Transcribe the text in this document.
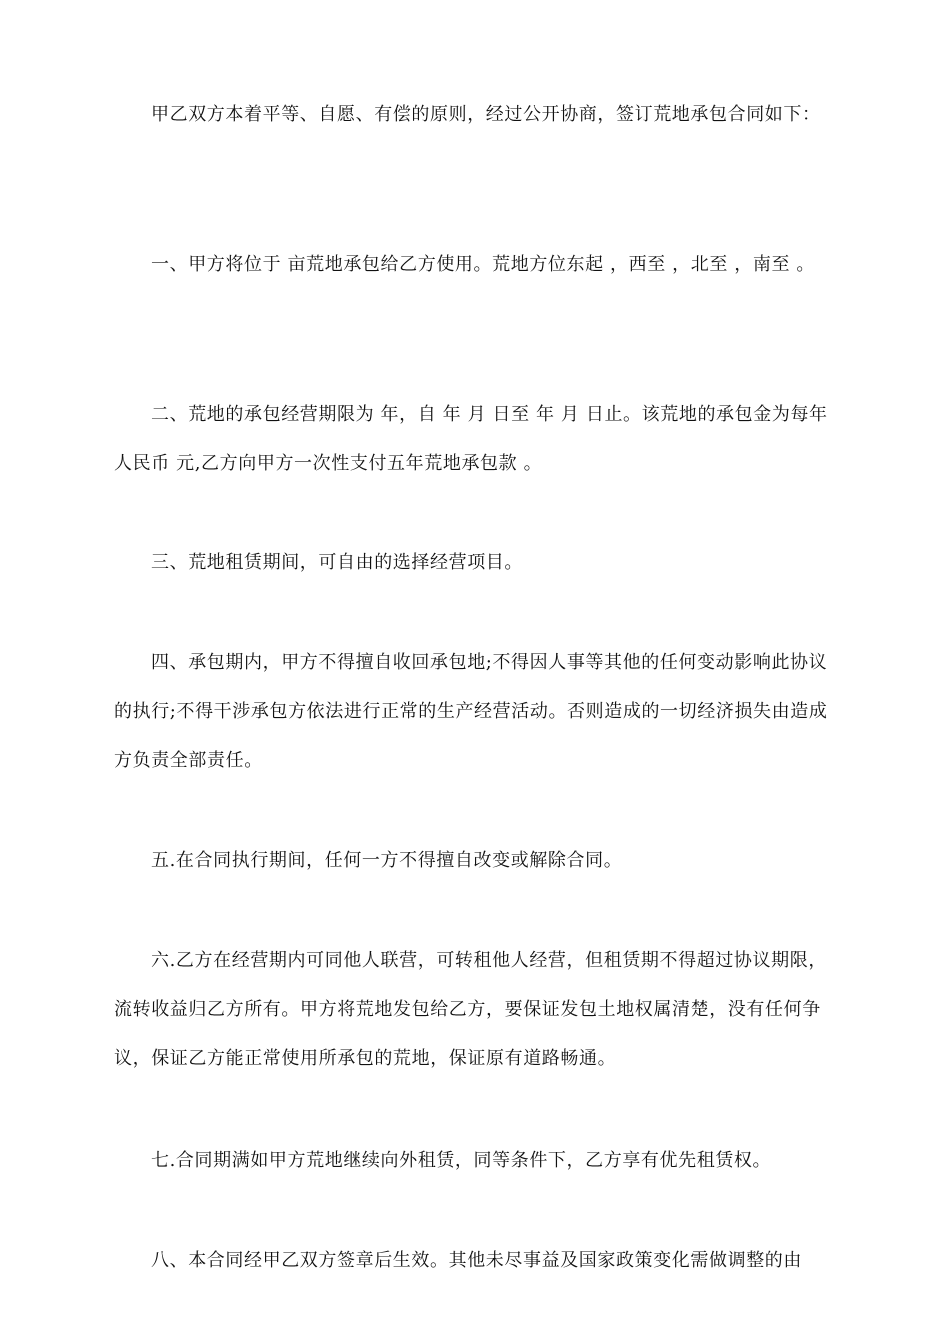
甲乙双方本着平等、自愿、有偿的原则，经过公开协商，签订荒地承包合同如下：

一、甲方将位于 亩荒地承包给乙方使用。荒地方位东起 ，西至 ，北至 ，南至 。

二、荒地的承包经营期限为 年，自 年 月 日至 年 月 日止。该荒地的承包金为每年人民币 元,乙方向甲方一次性支付五年荒地承包款 。

三、荒地租赁期间，可自由的选择经营项目。

四、承包期内，甲方不得擅自收回承包地;不得因人事等其他的任何变动影响此协议的执行;不得干涉承包方依法进行正常的生产经营活动。否则造成的一切经济损失由造成方负责全部责任。

五.在合同执行期间，任何一方不得擅自改变或解除合同。

六.乙方在经营期内可同他人联营，可转租他人经营，但租赁期不得超过协议期限，流转收益归乙方所有。甲方将荒地发包给乙方，要保证发包土地权属清楚，没有任何争议，保证乙方能正常使用所承包的荒地，保证原有道路畅通。

七.合同期满如甲方荒地继续向外租赁，同等条件下，乙方享有优先租赁权。

八、本合同经甲乙双方签章后生效。其他未尽事益及国家政策变化需做调整的由
